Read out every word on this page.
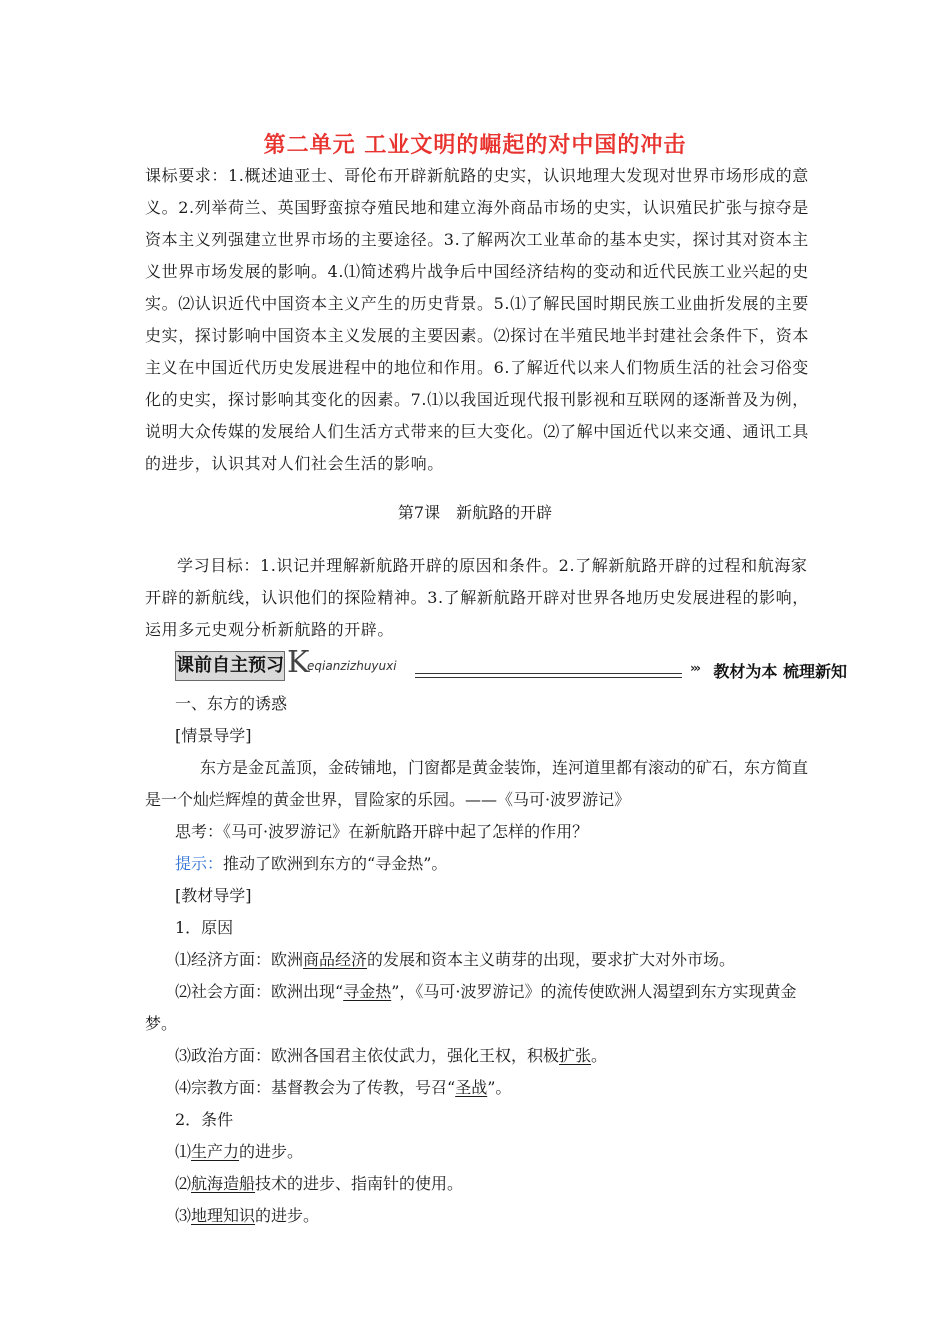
第二单元 工业文明的崛起的对中国的冲击
课标要求：1.概述迪亚士、哥伦布开辟新航路的史实，认识地理大发现对世界市场形成的意义。2.列举荷兰、英国野蛮掠夺殖民地和建立海外商品市场的史实，认识殖民扩张与掠夺是资本主义列强建立世界市场的主要途径。3.了解两次工业革命的基本史实，探讨其对资本主义世界市场发展的影响。4.⑴简述鸦片战争后中国经济结构的变动和近代民族工业兴起的史实。⑵认识近代中国资本主义产生的历史背景。5.⑴了解民国时期民族工业曲折发展的主要史实，探讨影响中国资本主义发展的主要因素。⑵探讨在半殖民地半封建社会条件下，资本主义在中国近代历史发展进程中的地位和作用。6.了解近代以来人们物质生活的社会习俗变化的史实，探讨影响其变化的因素。7.⑴以我国近现代报刊影视和互联网的逐渐普及为例，说明大众传媒的发展给人们生活方式带来的巨大变化。⑵了解中国近代以来交通、通讯工具的进步，认识其对人们社会生活的影响。
第7课　新航路的开辟
学习目标：1.识记并理解新航路开辟的原因和条件。2.了解新航路开辟的过程和航海家开辟的新航线，认识他们的探险精神。3.了解新航路开辟对世界各地历史发展进程的影响，运用多元史观分析新航路的开辟。
课前自主预习 K
eqianzizhuyuxi	››› 教材为本 梳理新知
一、东方的诱惑
[情景导学]
东方是金瓦盖顶，金砖铺地，门窗都是黄金装饰，连河道里都有滚动的矿石，东方简直是一个灿烂辉煌的黄金世界，冒险家的乐园。——《马可·波罗游记》
思考：《马可·波罗游记》在新航路开辟中起了怎样的作用？
提示：推动了欧洲到东方的“寻金热”。
[教材导学]
1．原因
⑴经济方面：欧洲商品经济的发展和资本主义萌芽的出现，要求扩大对外市场。
⑵社会方面：欧洲出现“寻金热”，《马可·波罗游记》的流传使欧洲人渴望到东方实现黄金梦。
⑶政治方面：欧洲各国君主依仗武力，强化王权，积极扩张。
⑷宗教方面：基督教会为了传教，号召“圣战”。
2．条件
⑴生产力的进步。
⑵航海造船技术的进步、指南针的使用。
⑶地理知识的进步。
